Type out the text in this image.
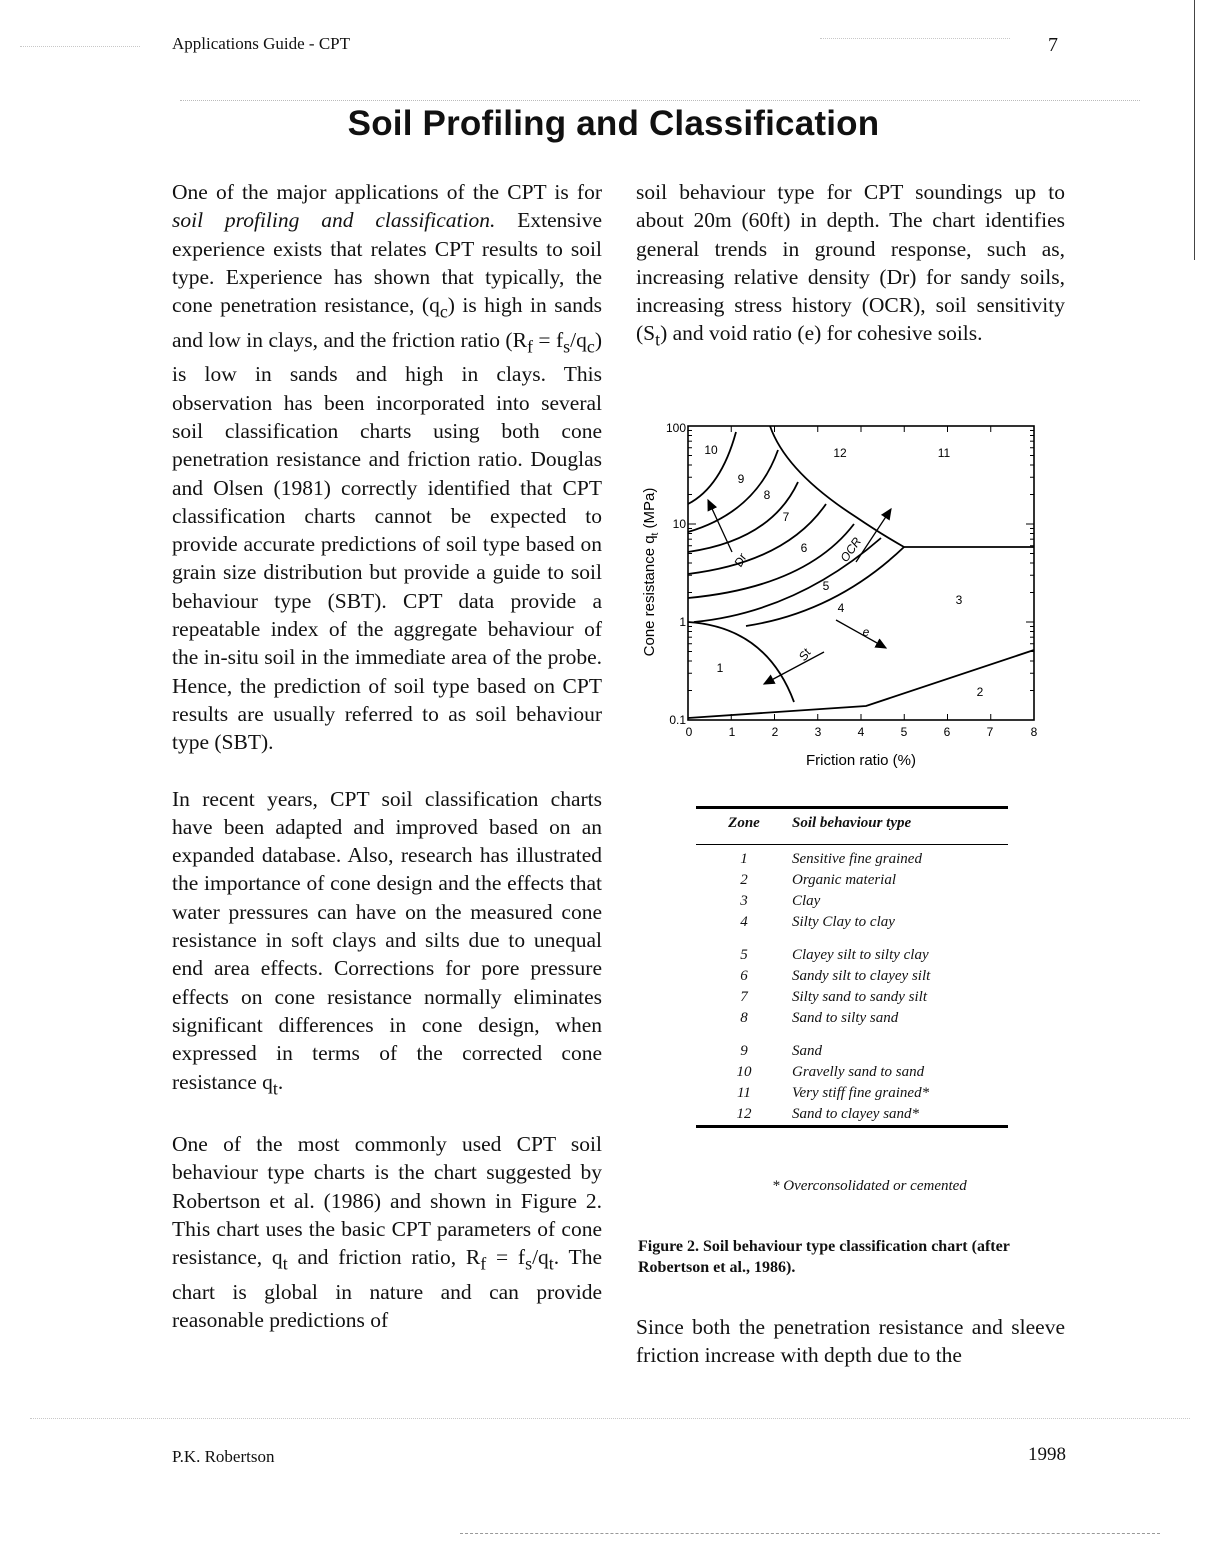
Applications Guide - CPT	7
Soil Profiling and Classification

One of the major applications of the CPT is for soil profiling and classification. Extensive experience exists that relates CPT results to soil type. Experience has shown that typically, the cone penetration resistance, $(q_c)$ is high in sands and low in clays, and the friction ratio $(R_f = f_s/q_c)$ is low in sands and high in clays. This observation has been incorporated into several soil classification charts using both cone penetration resistance and friction ratio. Douglas and Olsen (1981) correctly identified that CPT classification charts cannot be expected to provide accurate predictions of soil type based on grain size distribution but provide a guide to soil behaviour type (SBT). CPT data provide a repeatable index of the aggregate behaviour of the in-situ soil in the immediate area of the probe. Hence, the prediction of soil type based on CPT results are usually referred to as soil behaviour type (SBT).

In recent years, CPT soil classification charts have been adapted and improved based on an expanded database. Also, research has illustrated the importance of cone design and the effects that water pressures can have on the measured cone resistance in soft clays and silts due to unequal end area effects. Corrections for pore pressure effects on cone resistance normally eliminates significant differences in cone design, when expressed in terms of the corrected cone resistance $q_t$.

One of the most commonly used CPT soil behaviour type charts is the chart suggested by Robertson et al. (1986) and shown in Figure 2. This chart uses the basic CPT parameters of cone resistance, $q_t$ and friction ratio, $R_f = f_s/q_t$. The chart is global in nature and can provide reasonable predictions of

soil behaviour type for CPT soundings up to about 20m (60ft) in depth. The chart identifies general trends in ground response, such as, increasing relative density (Dr) for sandy soils, increasing stress history (OCR), soil sensitivity $(S_t)$ and void ratio (e) for cohesive soils.

0	1	2	3	4	5	6	7	8
0.1
1
10
100
Friction ratio (%)
Cone resistance $q_t$ (MPa)
1
2
3
4
5
6
7
8
9
10	11
12
Dr	OCR
St
e
Zone	Soil behaviour type
1	Sensitive fine grained
2	Organic material
3	Clay
4	Silty Clay to clay
5	Clayey silt to silty clay
6	Sandy silt to clayey silt
7	Silty sand to sandy silt
8	Sand to silty sand
9	Sand
10	Gravelly sand to sand
11	Very stiff fine grained*
12	Sand to clayey sand*
* Overconsolidated or cemented
Figure 2. Soil behaviour type classification chart (after Robertson et al., 1986).

Since both the penetration resistance and sleeve friction increase with depth due to the

P.K. Robertson	1998
